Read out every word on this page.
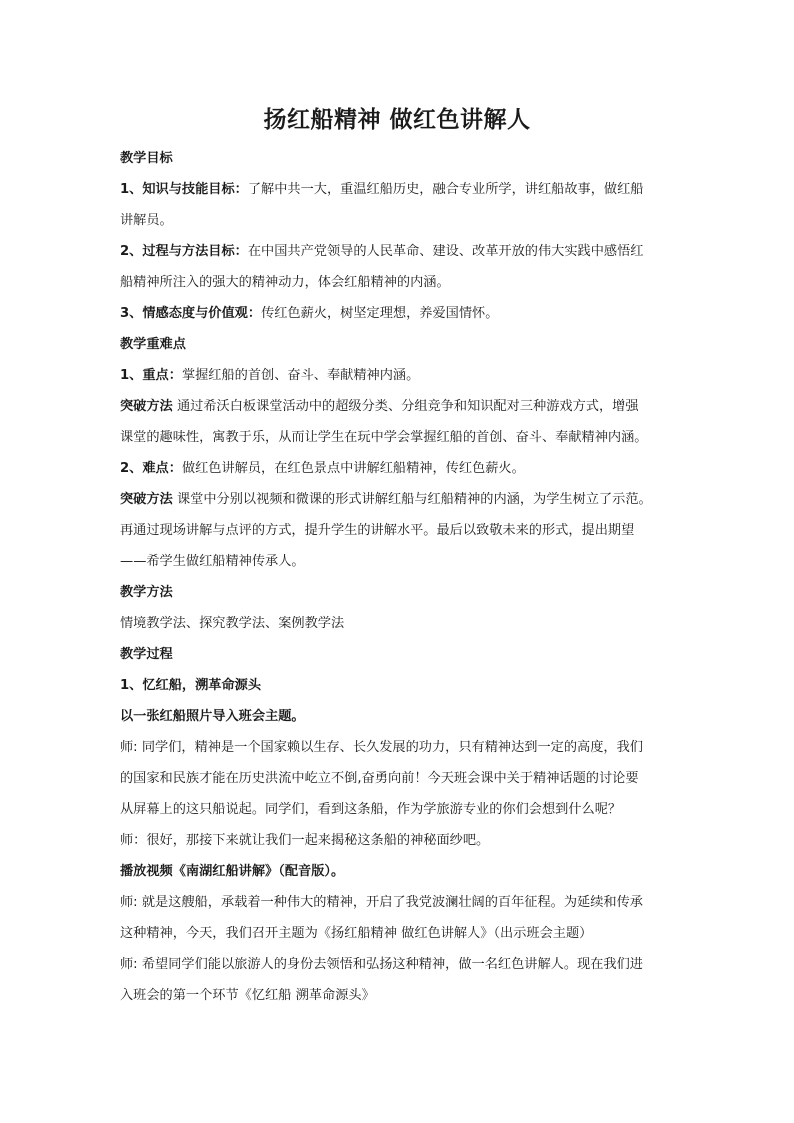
扬红船精神 做红色讲解人
教学目标
1、知识与技能目标：了解中共一大，重温红船历史，融合专业所学，讲红船故事，做红船
讲解员。
2、过程与方法目标：在中国共产党领导的人民革命、建设、改革开放的伟大实践中感悟红
船精神所注入的强大的精神动力，体会红船精神的内涵。
3、情感态度与价值观：传红色薪火，树坚定理想，养爱国情怀。
教学重难点
1、重点：掌握红船的首创、奋斗、奉献精神内涵。
突破方法 通过希沃白板课堂活动中的超级分类、分组竞争和知识配对三种游戏方式，增强
课堂的趣味性，寓教于乐，从而让学生在玩中学会掌握红船的首创、奋斗、奉献精神内涵。
2、难点：做红色讲解员，在红色景点中讲解红船精神，传红色薪火。
突破方法 课堂中分别以视频和微课的形式讲解红船与红船精神的内涵，为学生树立了示范。
再通过现场讲解与点评的方式，提升学生的讲解水平。最后以致敬未来的形式，提出期望
——希学生做红船精神传承人。
教学方法
情境教学法、探究教学法、案例教学法
教学过程
1、忆红船，溯革命源头
以一张红船照片导入班会主题。
师: 同学们，精神是一个国家赖以生存、长久发展的功力，只有精神达到一定的高度，我们
的国家和民族才能在历史洪流中屹立不倒,奋勇向前！今天班会课中关于精神话题的讨论要
从屏幕上的这只船说起。同学们，看到这条船，作为学旅游专业的你们会想到什么呢？
师：很好，那接下来就让我们一起来揭秘这条船的神秘面纱吧。
播放视频《南湖红船讲解》（配音版）。
师: 就是这艘船，承载着一种伟大的精神，开启了我党波澜壮阔的百年征程。为延续和传承
这种精神，今天，我们召开主题为《扬红船精神 做红色讲解人》（出示班会主题）
师: 希望同学们能以旅游人的身份去领悟和弘扬这种精神，做一名红色讲解人。现在我们进
入班会的第一个环节《忆红船 溯革命源头》
